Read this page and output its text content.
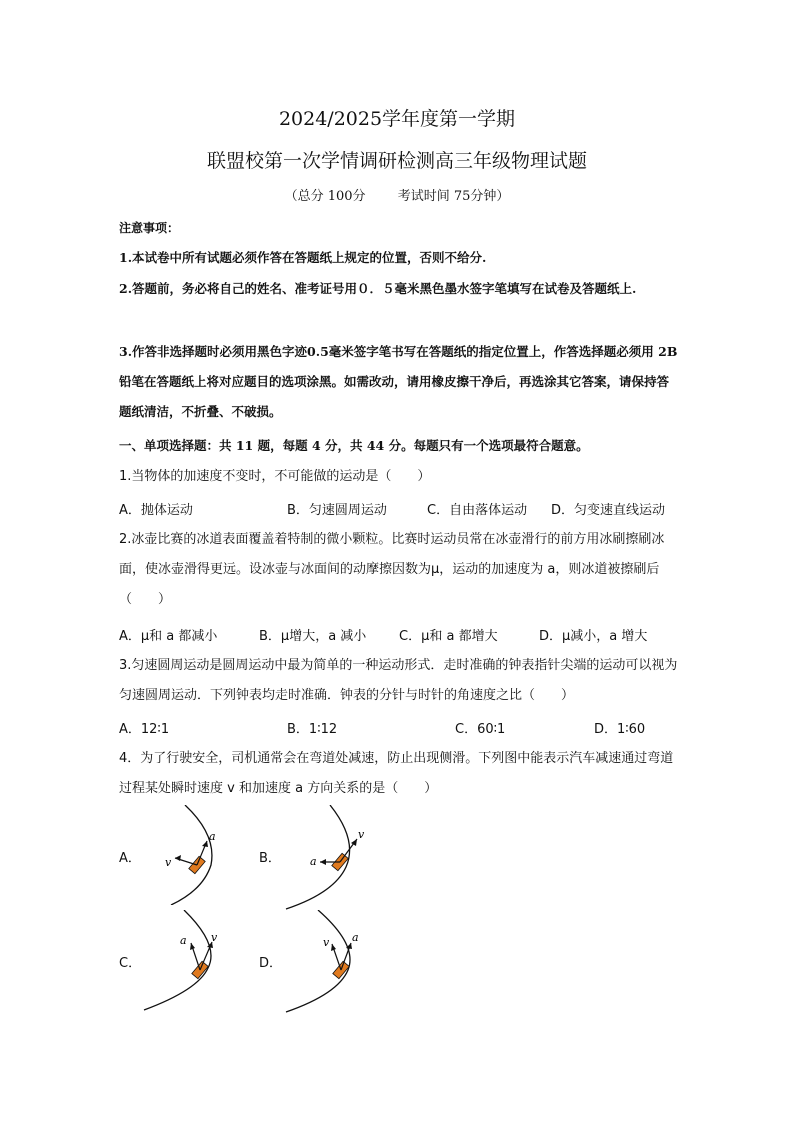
2024/2025学年度第一学期
联盟校第一次学情调研检测高三年级物理试题
（总分 100分 考试时间 75分钟）
注意事项：
1.本试卷中所有试题必须作答在答题纸上规定的位置，否则不给分.
2.答题前，务必将自己的姓名、准考证号用０．５毫米黑色墨水签字笔填写在试卷及答题纸上.
3.作答非选择题时必须用黑色字迹0.5毫米签字笔书写在答题纸的指定位置上，作答选择题必须用 2B 铅笔在答题纸上将对应题目的选项涂黑。如需改动，请用橡皮擦干净后，再选涂其它答案，请保持答题纸清洁，不折叠、不破损。
一、单项选择题：共 11 题，每题 4 分，共 44 分。每题只有一个选项最符合题意。
1.当物体的加速度不变时，不可能做的运动是（　　）
A．抛体运动	B．匀速圆周运动	C．自由落体运动 D．匀变速直线运动
2.冰壶比赛的冰道表面覆盖着特制的微小颗粒。比赛时运动员常在冰壶滑行的前方用冰刷擦刷冰面，使冰壶滑得更远。设冰壶与冰面间的动摩擦因数为μ，运动的加速度为 a，则冰道被擦刷后（　　）
A．μ和 a 都减小	B．μ增大，a 减小	C．μ和 a 都增大	D．μ减小，a 增大
3.匀速圆周运动是圆周运动中最为简单的一种运动形式．走时准确的钟表指针尖端的运动可以视为匀速圆周运动．下列钟表均走时准确．钟表的分针与时针的角速度之比（　　）
A．12∶1	B．1∶12	C．60∶1	D．1∶60
4．为了行驶安全，司机通常会在弯道处减速，防止出现侧滑。下列图中能表示汽车减速通过弯道过程某处瞬时速度 v 和加速度 a 方向关系的是（　　）
A．
a
v	B．
v
a
C．
a v
D．
v a
